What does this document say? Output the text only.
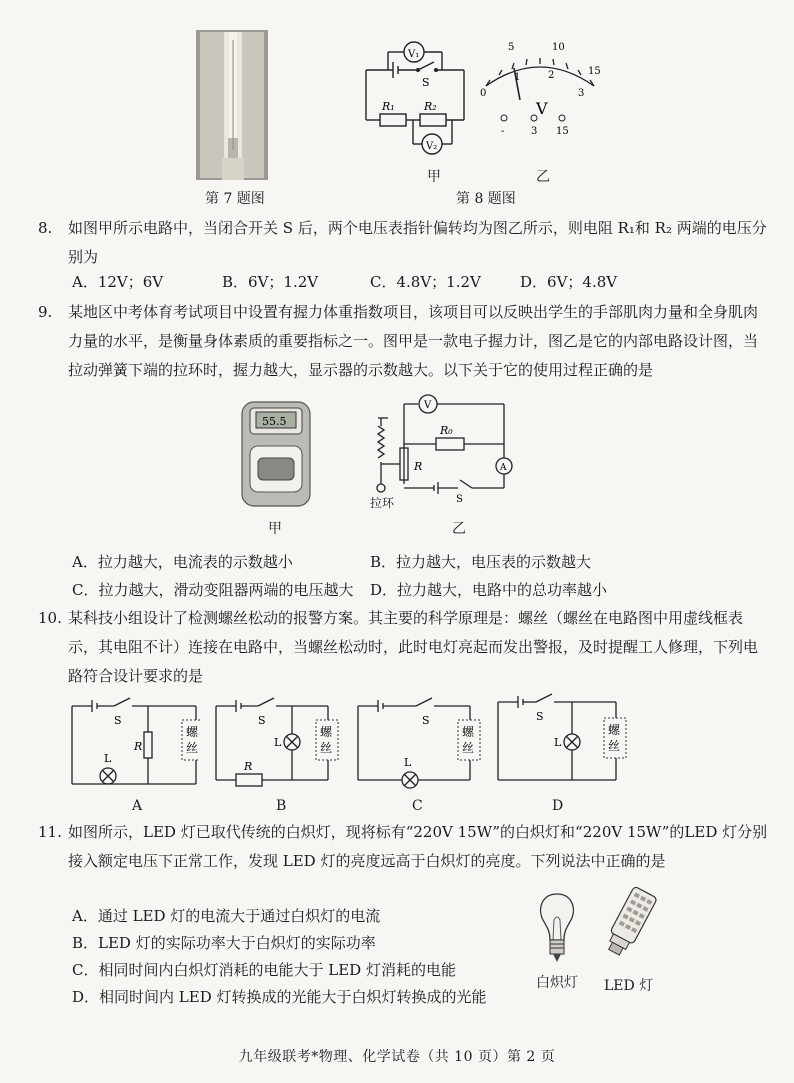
第 7 题图
V₁
V₂
S
R₁	R₂
5	10
15
0
1	2
3
V
-	3 15
甲	乙
第 8 题图
8. 如图甲所示电路中，当闭合开关 S 后，两个电压表指针偏转均为图乙所示，则电阻 R₁和 R₂ 两端的电压分别为
A．12V；6V	B．6V；1.2V	C．4.8V；1.2V	D．6V；4.8V
9. 某地区中考体育考试项目中设置有握力体重指数项目，该项目可以反映出学生的手部肌肉力量和全身肌肉力量的水平，是衡量身体素质的重要指标之一。图甲是一款电子握力计，图乙是它的内部电路设计图，当拉动弹簧下端的拉环时，握力越大，显示器的示数越大。以下关于它的使用过程正确的是
55.5
甲
V
A
R₀
R
S
拉环
乙
A．拉力越大，电流表的示数越小	B．拉力越大，电压表的示数越大
C．拉力越大，滑动变阻器两端的电压越大 D．拉力越大，电路中的总功率越小
10. 某科技小组设计了检测螺丝松动的报警方案。其主要的科学原理是：螺丝（螺丝在电路图中用虚线框表示，其电阻不计）连接在电路中，当螺丝松动时，此时电灯亮起而发出警报，及时提醒工人修理，下列电路符合设计要求的是
S
L
R
螺
丝
A
S
L
R
螺
丝
B
S
L
螺
丝
C
S
L
螺
丝
D
11. 如图所示，LED 灯已取代传统的白炽灯，现将标有“220V 15W”的白炽灯和“220V 15W”的LED 灯分别接入额定电压下正常工作，发现 LED 灯的亮度远高于白炽灯的亮度。下列说法中正确的是
A．通过 LED 灯的电流大于通过白炽灯的电流
B．LED 灯的实际功率大于白炽灯的实际功率
C．相同时间内白炽灯消耗的电能大于 LED 灯消耗的电能
D．相同时间内 LED 灯转换成的光能大于白炽灯转换成的光能
白炽灯 LED 灯
九年级联考*物理、化学试卷（共 10 页）第 2 页
